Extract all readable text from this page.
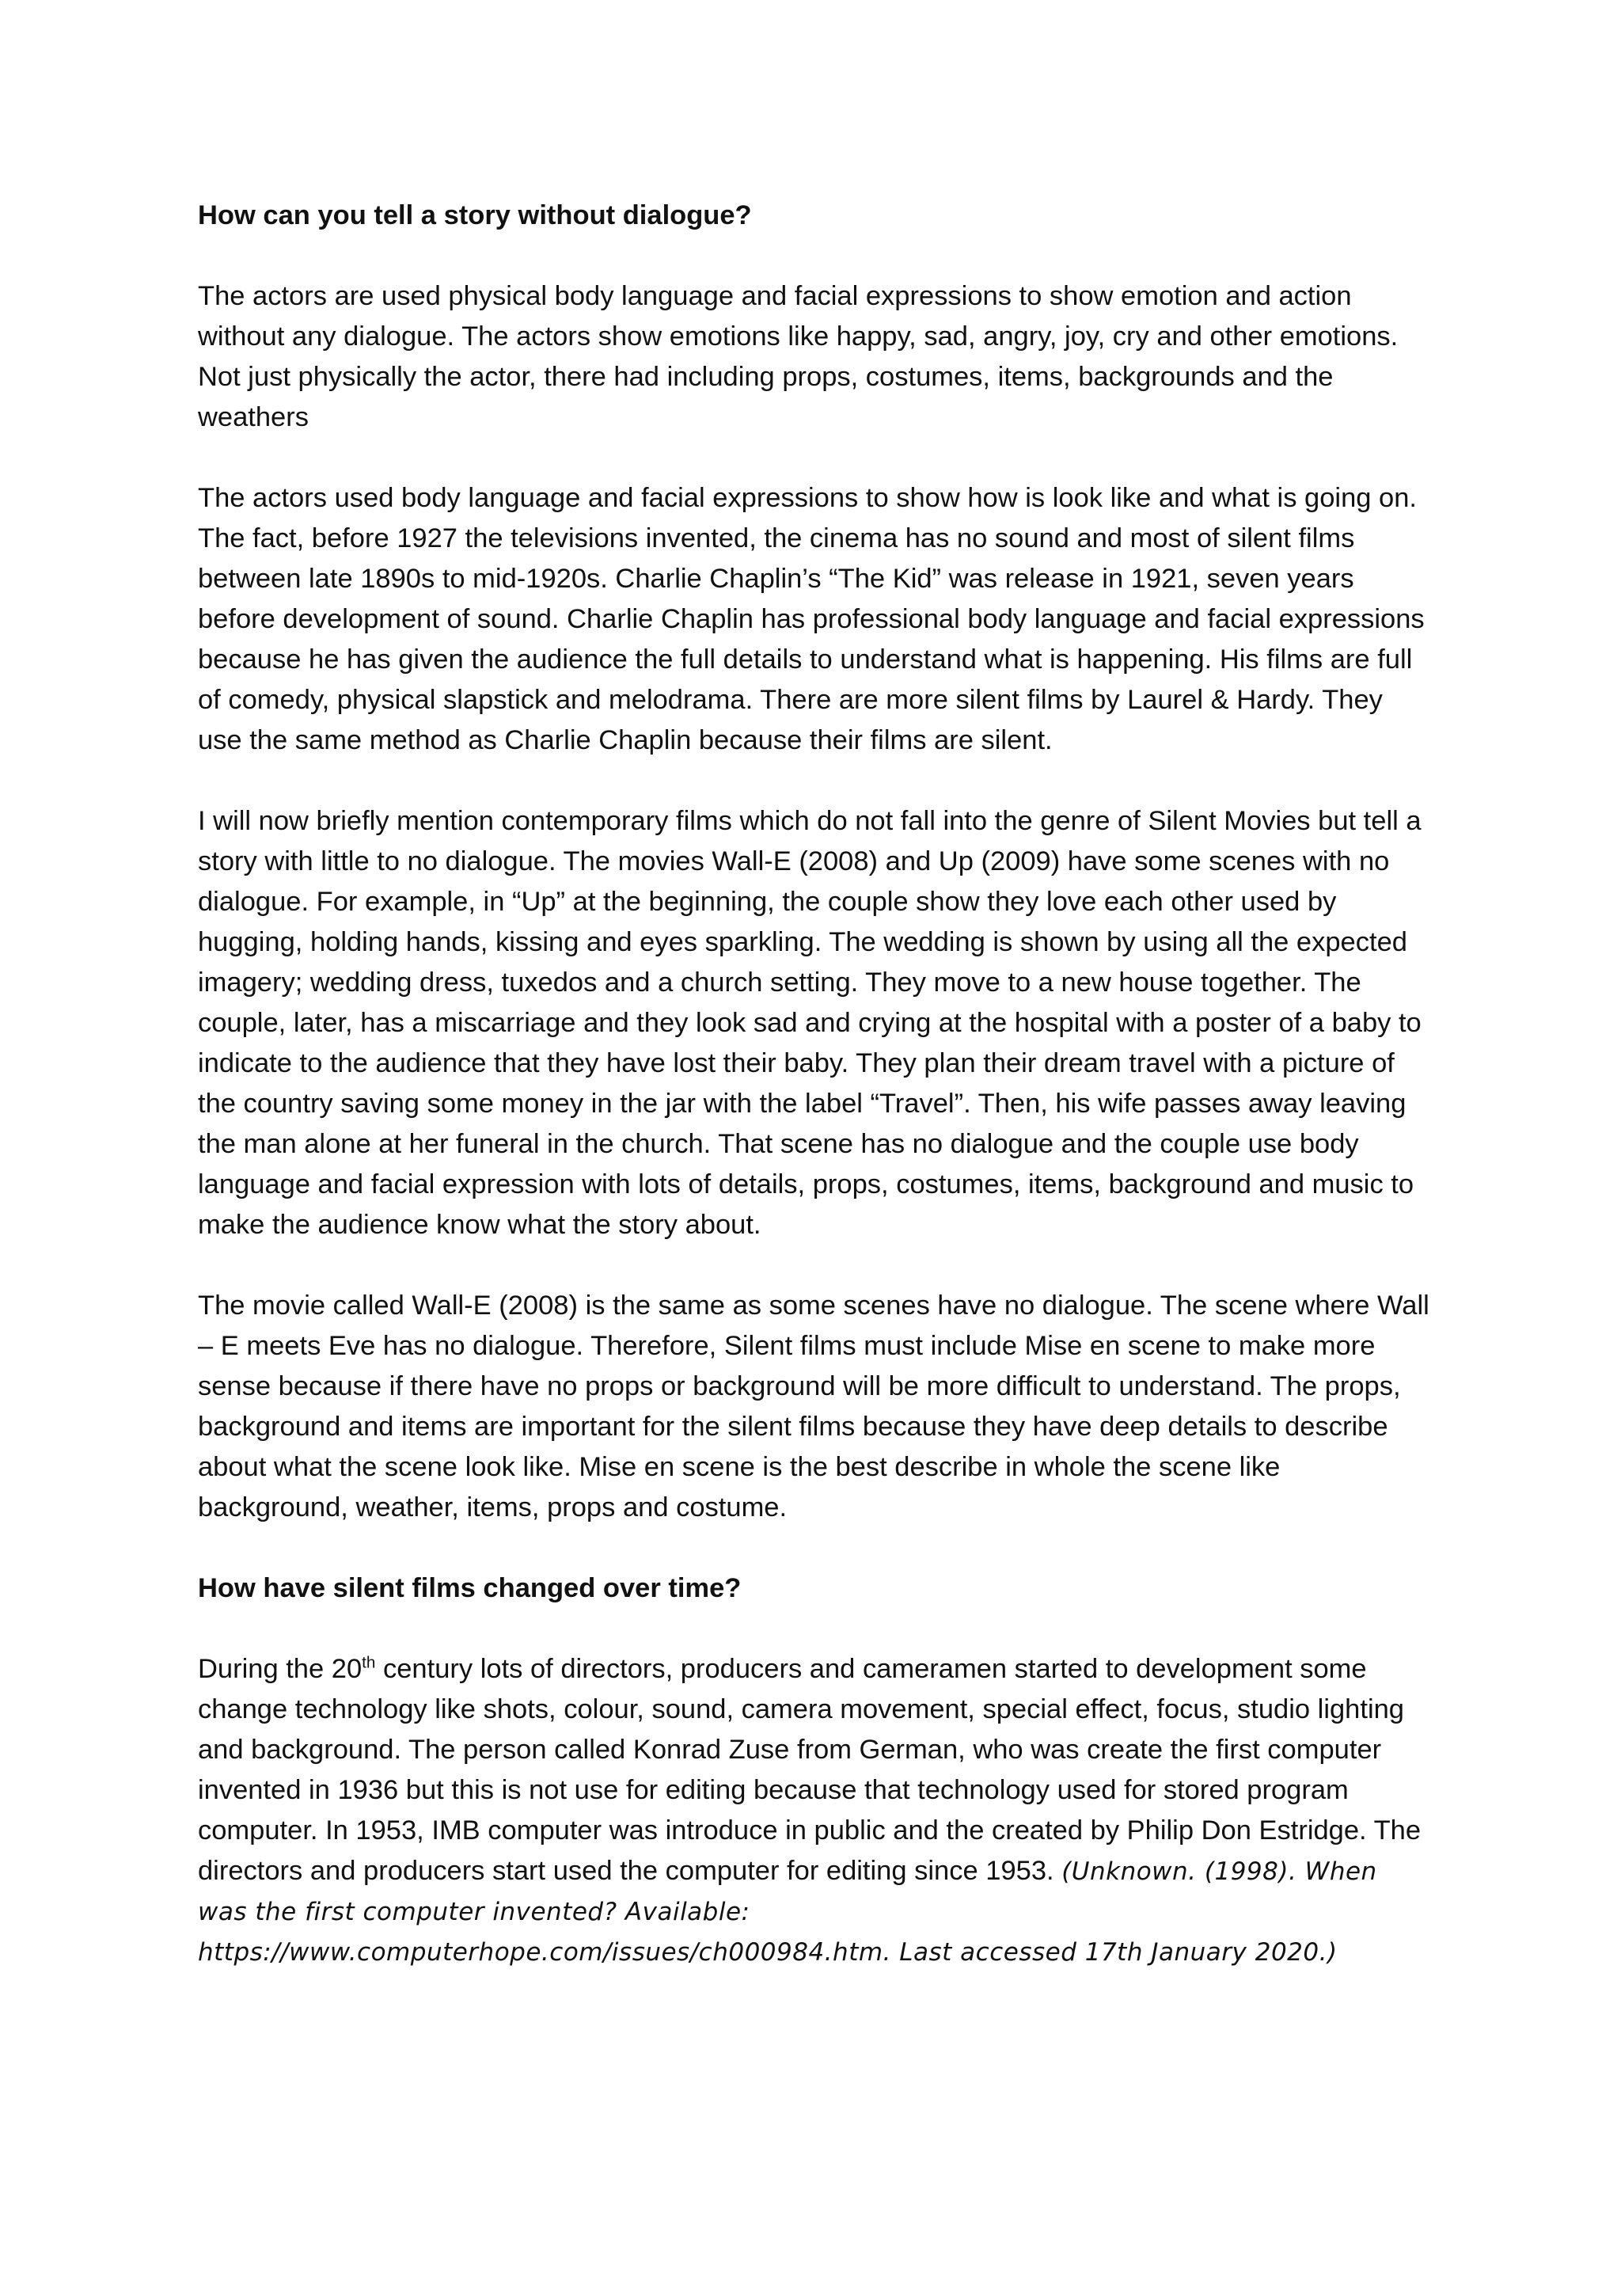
How can you tell a story without dialogue?
The actors are used physical body language and facial expressions to show emotion and action without any dialogue. The actors show emotions like happy, sad, angry, joy, cry and other emotions. Not just physically the actor, there had including props, costumes, items, backgrounds and the weathers
The actors used body language and facial expressions to show how is look like and what is going on. The fact, before 1927 the televisions invented, the cinema has no sound and most of silent films between late 1890s to mid-1920s. Charlie Chaplin’s “The Kid” was release in 1921, seven years before development of sound. Charlie Chaplin has professional body language and facial expressions because he has given the audience the full details to understand what is happening. His films are full of comedy, physical slapstick and melodrama. There are more silent films by Laurel & Hardy. They use the same method as Charlie Chaplin because their films are silent.
I will now briefly mention contemporary films which do not fall into the genre of Silent Movies but tell a story with little to no dialogue. The movies Wall-E (2008) and Up (2009) have some scenes with no dialogue. For example, in “Up” at the beginning, the couple show they love each other used by hugging, holding hands, kissing and eyes sparkling. The wedding is shown by using all the expected imagery; wedding dress, tuxedos and a church setting. They move to a new house together. The couple, later, has a miscarriage and they look sad and crying at the hospital with a poster of a baby to indicate to the audience that they have lost their baby. They plan their dream travel with a picture of the country saving some money in the jar with the label “Travel”. Then, his wife passes away leaving the man alone at her funeral in the church. That scene has no dialogue and the couple use body language and facial expression with lots of details, props, costumes, items, background and music to make the audience know what the story about.
The movie called Wall-E (2008) is the same as some scenes have no dialogue. The scene where Wall – E meets Eve has no dialogue. Therefore, Silent films must include Mise en scene to make more sense because if there have no props or background will be more difficult to understand. The props, background and items are important for the silent films because they have deep details to describe about what the scene look like. Mise en scene is the best describe in whole the scene like background, weather, items, props and costume.
How have silent films changed over time?
During the 20th century lots of directors, producers and cameramen started to development some change technology like shots, colour, sound, camera movement, special effect, focus, studio lighting and background. The person called Konrad Zuse from German, who was create the first computer invented in 1936 but this is not use for editing because that technology used for stored program computer. In 1953, IMB computer was introduce in public and the created by Philip Don Estridge. The directors and producers start used the computer for editing since 1953. (Unknown. (1998). When was the first computer invented? Available: https://www.computerhope.com/issues/ch000984.htm. Last accessed 17th January 2020.)
